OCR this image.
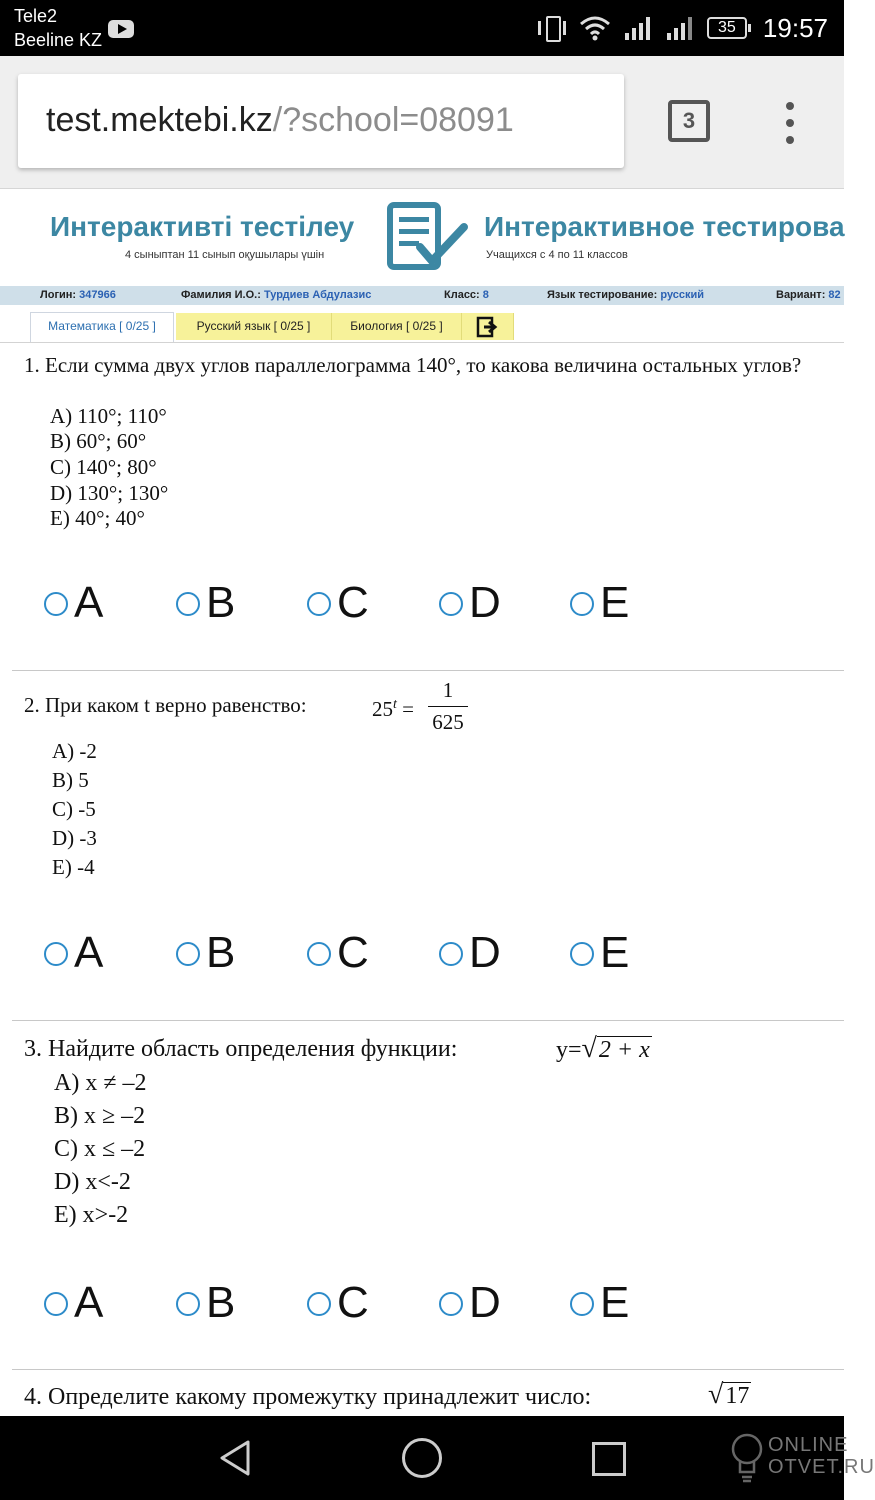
Tele2
Beeline KZ
35	19:57
test.mektebi.kz/?school=08091	3
Интерактивті тестілеу
4 сыныптан 11 сынып оқушылары үшін
Интерактивное тестирова
Учащихся с 4 по 11 классов
Логин: 347966	Фамилия И.О.: Турдиев Абдулазис	Класс: 8	Язык тестирование: русский	Вариант: 82
Математика [ 0/25 ]	Русский язык [ 0/25 ]	Биология [ 0/25 ]
1. Если сумма двух углов параллелограмма 140°, то какова величина остальных углов?
A) 110°; 110°
B) 60°; 60°
C) 140°; 80°
D) 130°; 130°
E) 40°; 40°
A B C D E
2. При каком t верно равенство:	$25^t$ =
1
625
A) -2
B) 5
C) -5
D) -3
E) -4
A B C D E
3. Найдите область определения функции:	y=√2 + x
A) x ≠ –2
B) x ≥ –2
C) x ≤ –2
D) x<-2
E) x>-2
A B C D E
4. Определите какому промежутку принадлежит число:	√17
ONLINE
OTVET.RU
